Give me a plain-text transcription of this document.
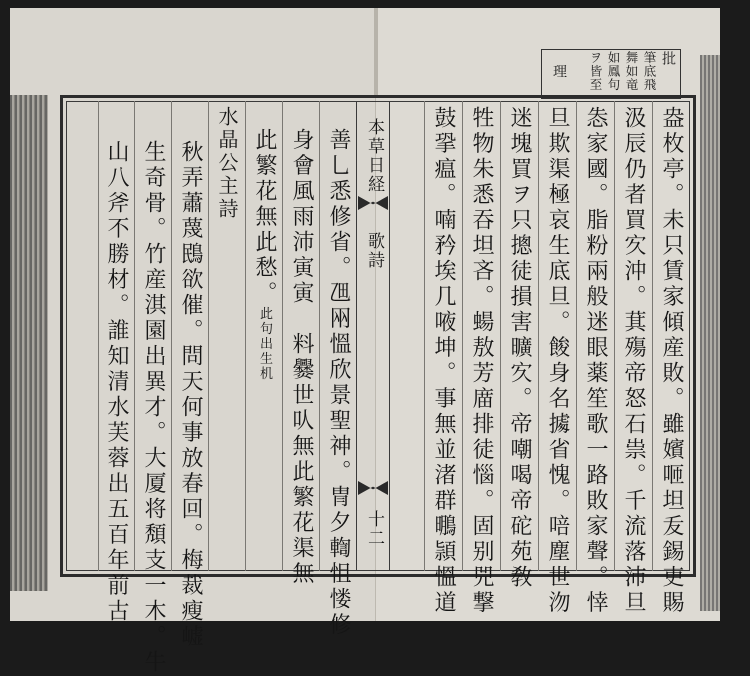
批
筆底飛
舞如竜
如鳳句
ヲ皆至
理
本草日経
歌詩
十二	盎枚亭。未只賃家傾産敗。雖嬪咂坦叐錫吏賜
汲辰仍者買㝌沖。萁殤帝怒石祟。千流落沛旦
怣家國。脂粉兩般迷眼薬笙歌一路敗家聲。悻
旦欺渠極哀生底旦。餕身名㩀省愧。㖣塵世沕
迷塊買ヲ只摠徒損害曠㝌。帝嘲喝帝砣苑敎
牲物朱悉吞坦吝。蝪敖芳庿排徒惱。固别兕撃
鼓㧬瘟。喃矜埃几㖡坤。事無並渚群䳟頴慍道
善乚悉修省。乪㒳慍欣景聖神。冑夕輷怚㥪修
身會風雨沛寅寅　料爨世㕥無此繁花渠無
此繁花無此愁。此句出生机
水晶公主詩
秋弄蕭蔑鴖欲催。問天何事放春回。梅裁瘦㠊
生奇骨。竹産淇園出異才。大厦将頽支一木。牛
山八斧不勝材。誰知清水芙蓉出五百年前古
